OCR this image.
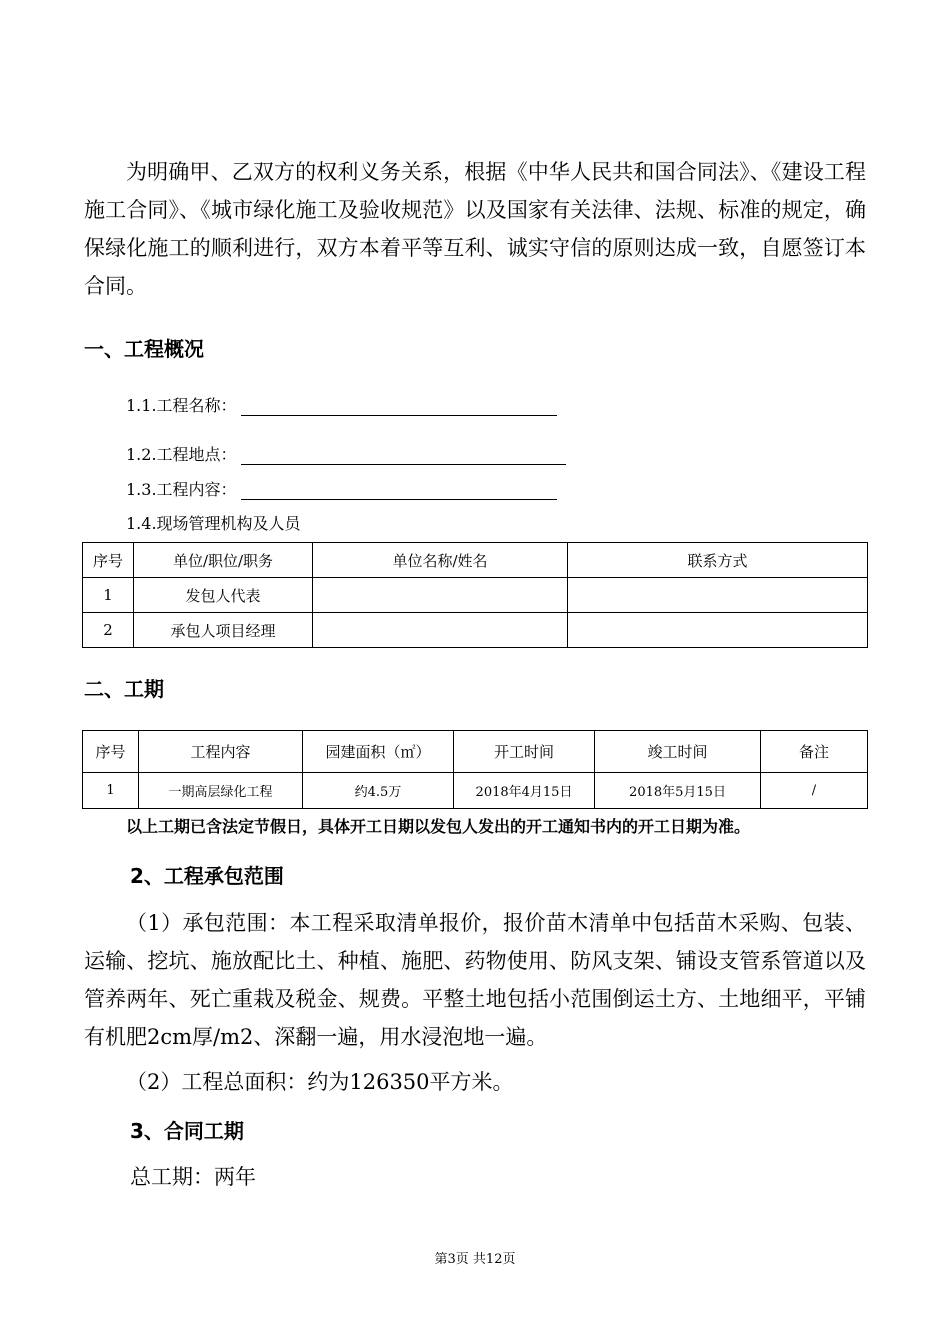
为明确甲、乙双方的权利义务关系，根据《中华人民共和国合同法》、《建设工程施工合同》、《城市绿化施工及验收规范》以及国家有关法律、法规、标准的规定，确保绿化施工的顺利进行，双方本着平等互利、诚实守信的原则达成一致，自愿签订本合同。
一、工程概况
1.1.工程名称：
1.2.工程地点：
1.3.工程内容：
1.4.现场管理机构及人员
序号	单位/职位/职务	单位名称/姓名	联系方式
1	发包人代表		
2	承包人项目经理		
二、工期
序号	工程内容	园建面积（㎡）	开工时间	竣工时间	备注
1	一期高层绿化工程	约4.5万	2018年4月15日	2018年5月15日	/
以上工期已含法定节假日，具体开工日期以发包人发出的开工通知书内的开工日期为准。
2、工程承包范围
（1）承包范围：本工程采取清单报价，报价苗木清单中包括苗木采购、包装、运输、挖坑、施放配比土、种植、施肥、药物使用、防风支架、铺设支管系管道以及管养两年、死亡重栽及税金、规费。平整土地包括小范围倒运土方、土地细平，平铺有机肥2cm厚/m2、深翻一遍，用水浸泡地一遍。
（2）工程总面积：约为126350平方米。
3、合同工期
总工期：两年
第3页 共12页
